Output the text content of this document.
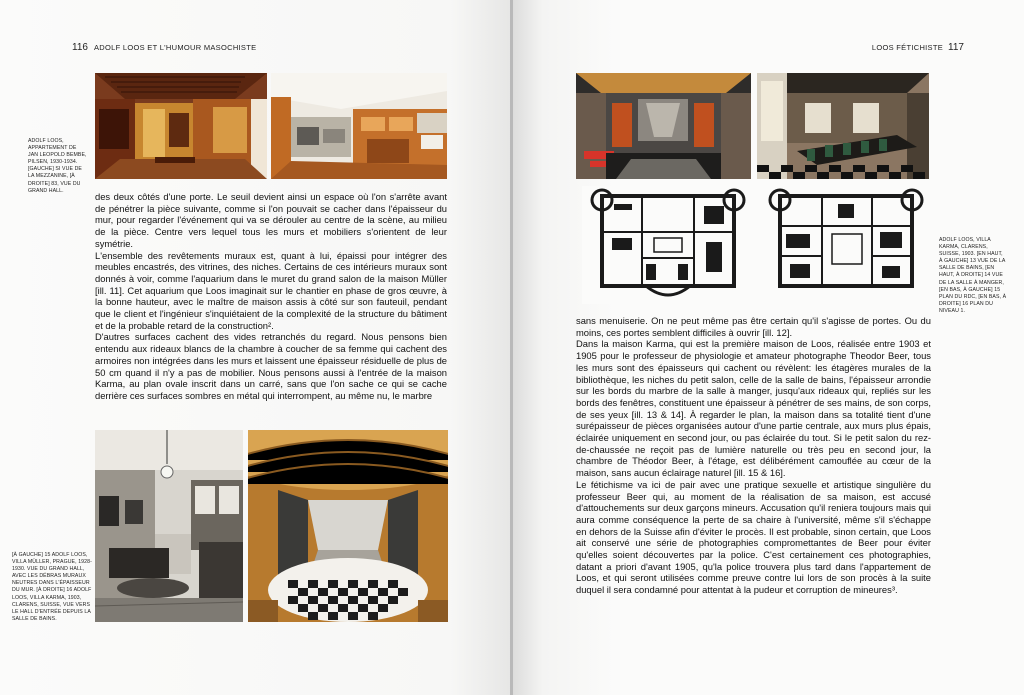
116 ADOLF LOOS ET L'HUMOUR MASOCHISTE
ADOLF LOOS, APPARTEMENT DE JAN LEOPOLD BEMBE, PILSEN, 1930-1934. [GAUCHE] SI VUE DE LA MEZZANINE, [À DROITE] 83, VUE DU GRAND HALL.

des deux côtés d'une porte. Le seuil devient ainsi un espace où l'on s'arrête avant de pénétrer la pièce suivante, comme si l'on pouvait se cacher dans l'épaisseur du mur, pour regarder l'événement qui va se dérouler au centre de la scène, au milieu de la pièce. Centre vers lequel tous les murs et mobiliers s'orientent de leur symétrie.

L'ensemble des revêtements muraux est, quant à lui, épaissi pour intégrer des meubles encastrés, des vitrines, des niches. Certains de ces intérieurs muraux sont donnés à voir, comme l'aquarium dans le muret du grand salon de la maison Müller [ill. 11]. Cet aquarium que Loos imaginait sur le chantier en phase de gros œuvre, à la bonne hauteur, avec le maître de maison assis à côté sur son fauteuil, pendant que le client et l'ingénieur s'inquiétaient de la complexité de la structure du bâtiment et de la probable retard de la construction².

D'autres surfaces cachent des vides retranchés du regard. Nous pensons bien entendu aux rideaux blancs de la chambre à coucher de sa femme qui cachent des armoires non intégrées dans les murs et laissent une épaisseur résiduelle de plus de 50 cm quand il n'y a pas de mobilier. Nous pensons aussi à l'entrée de la maison Karma, au plan ovale inscrit dans un carré, sans que l'on sache ce qui se cache derrière ces surfaces sombres en métal qui interrompent, au même nu, le marbre

[À GAUCHE] 15 ADOLF LOOS, VILLA MÜLLER, PRAGUE, 1928-1930. VUE DU GRAND HALL, AVEC LES DÉBRAS MURAUX NEUTRES DANS L'ÉPAISSEUR DU MUR. [À DROITE] 16 ADOLF LOOS, VILLA KARMA, 1903, CLARENS, SUISSE, VUE VERS LE HALL D'ENTRÉE DEPUIS LA SALLE DE BAINS.
LOOS FÉTICHISTE 117
ADOLF LOOS, VILLA KARMA, CLARENS, SUISSE, 1903. [EN HAUT, À GAUCHE] 13 VUE DE LA SALLE DE BAINS, [EN HAUT, À DROITE] 14 VUE DE LA SALLE À MANGER, [EN BAS, À GAUCHE] 15 PLAN DU RDC, [EN BAS, À DROITE] 16 PLAN DU NIVEAU 1.

sans menuiserie. On ne peut même pas être certain qu'il s'agisse de portes. Ou du moins, ces portes semblent difficiles à ouvrir [ill. 12].

Dans la maison Karma, qui est la première maison de Loos, réalisée entre 1903 et 1905 pour le professeur de physiologie et amateur photographe Theodor Beer, tous les murs sont des épaisseurs qui cachent ou révèlent: les étagères murales de la bibliothèque, les niches du petit salon, celle de la salle de bains, l'épaisseur arrondie sur les bords du marbre de la salle à manger, jusqu'aux rideaux qui, repliés sur les bords des fenêtres, constituent une épaisseur à pénétrer de ses mains, de son corps, de ses yeux [ill. 13 & 14]. À regarder le plan, la maison dans sa totalité tient d'une surépaisseur de pièces organisées autour d'une partie centrale, aux murs plus épais, éclairée uniquement en second jour, ou pas éclairée du tout. Si le petit salon du rez-de-chaussée ne reçoit pas de lumière naturelle ou très peu en second jour, la chambre de Théodor Beer, à l'étage, est délibérément camouflée au cœur de la maison, sans aucun éclairage naturel [ill. 15 & 16].

Le fétichisme va ici de pair avec une pratique sexuelle et artistique singulière du professeur Beer qui, au moment de la réalisation de sa maison, est accusé d'attouchements sur deux garçons mineurs. Accusation qu'il reniera toujours mais qui aura comme conséquence la perte de sa chaire à l'université, même s'il s'échappe en dehors de la Suisse afin d'éviter le procès. Il est probable, sinon certain, que Loos ait conservé une série de photographies compromettantes de Beer pour éviter qu'elles soient découvertes par la police. C'est certainement ces photographies, datant a priori d'avant 1905, qu'la police trouvera plus tard dans l'appartement de Loos, et qui seront utilisées comme preuve contre lui lors de son procès à la suite duquel il sera condamné pour attentat à la pudeur et corruption de mineures³.
